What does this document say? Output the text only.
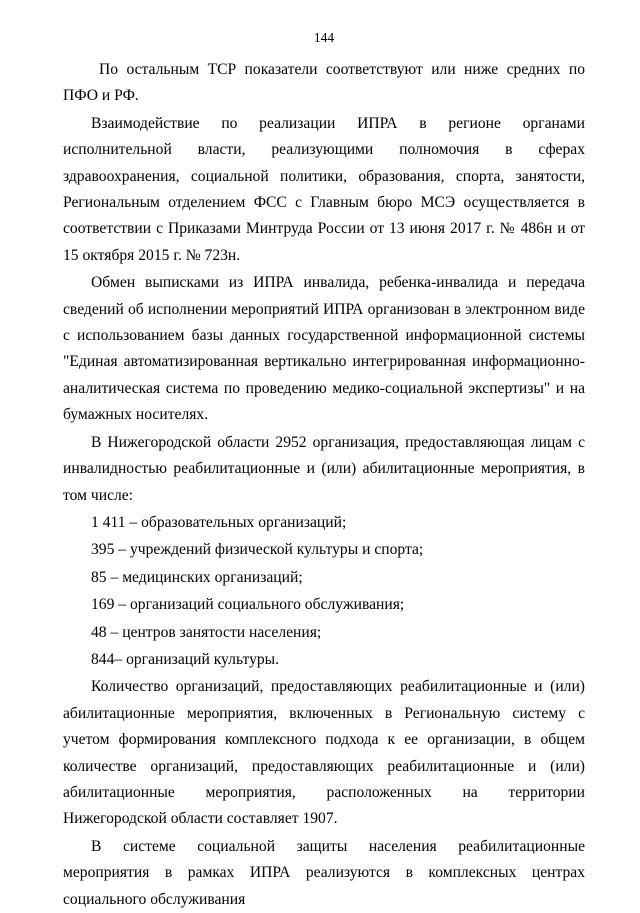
144

По остальным ТСР показатели соответствуют или ниже средних по ПФО и РФ.

Взаимодействие по реализации ИПРА в регионе органами исполнительной власти, реализующими полномочия в сферах здравоохранения, социальной политики, образования, спорта, занятости, Региональным отделением ФСС с Главным бюро МСЭ осуществляется в соответствии с Приказами Минтруда России от 13 июня 2017 г. № 486н и от 15 октября 2015 г. № 723н.

Обмен выписками из ИПРА инвалида, ребенка-инвалида и передача сведений об исполнении мероприятий ИПРА организован в электронном виде с использованием базы данных государственной информационной системы "Единая автоматизированная вертикально интегрированная информационно-аналитическая система по проведению медико-социальной экспертизы" и на бумажных носителях.

В Нижегородской области 2952 организация, предоставляющая лицам с инвалидностью реабилитационные и (или) абилитационные мероприятия, в том числе:

1 411 – образовательных организаций;

395 – учреждений физической культуры и спорта;

85 – медицинских организаций;

169 – организаций социального обслуживания;

48 – центров занятости населения;

844– организаций культуры.

Количество организаций, предоставляющих реабилитационные и (или) абилитационные мероприятия, включенных в Региональную систему с учетом формирования комплексного подхода к ее организации, в общем количестве организаций, предоставляющих реабилитационные и (или) абилитационные мероприятия, расположенных на территории Нижегородской области составляет 1907.

В системе социальной защиты населения реабилитационные мероприятия в рамках ИПРА реализуются в комплексных центрах социального обслуживания
